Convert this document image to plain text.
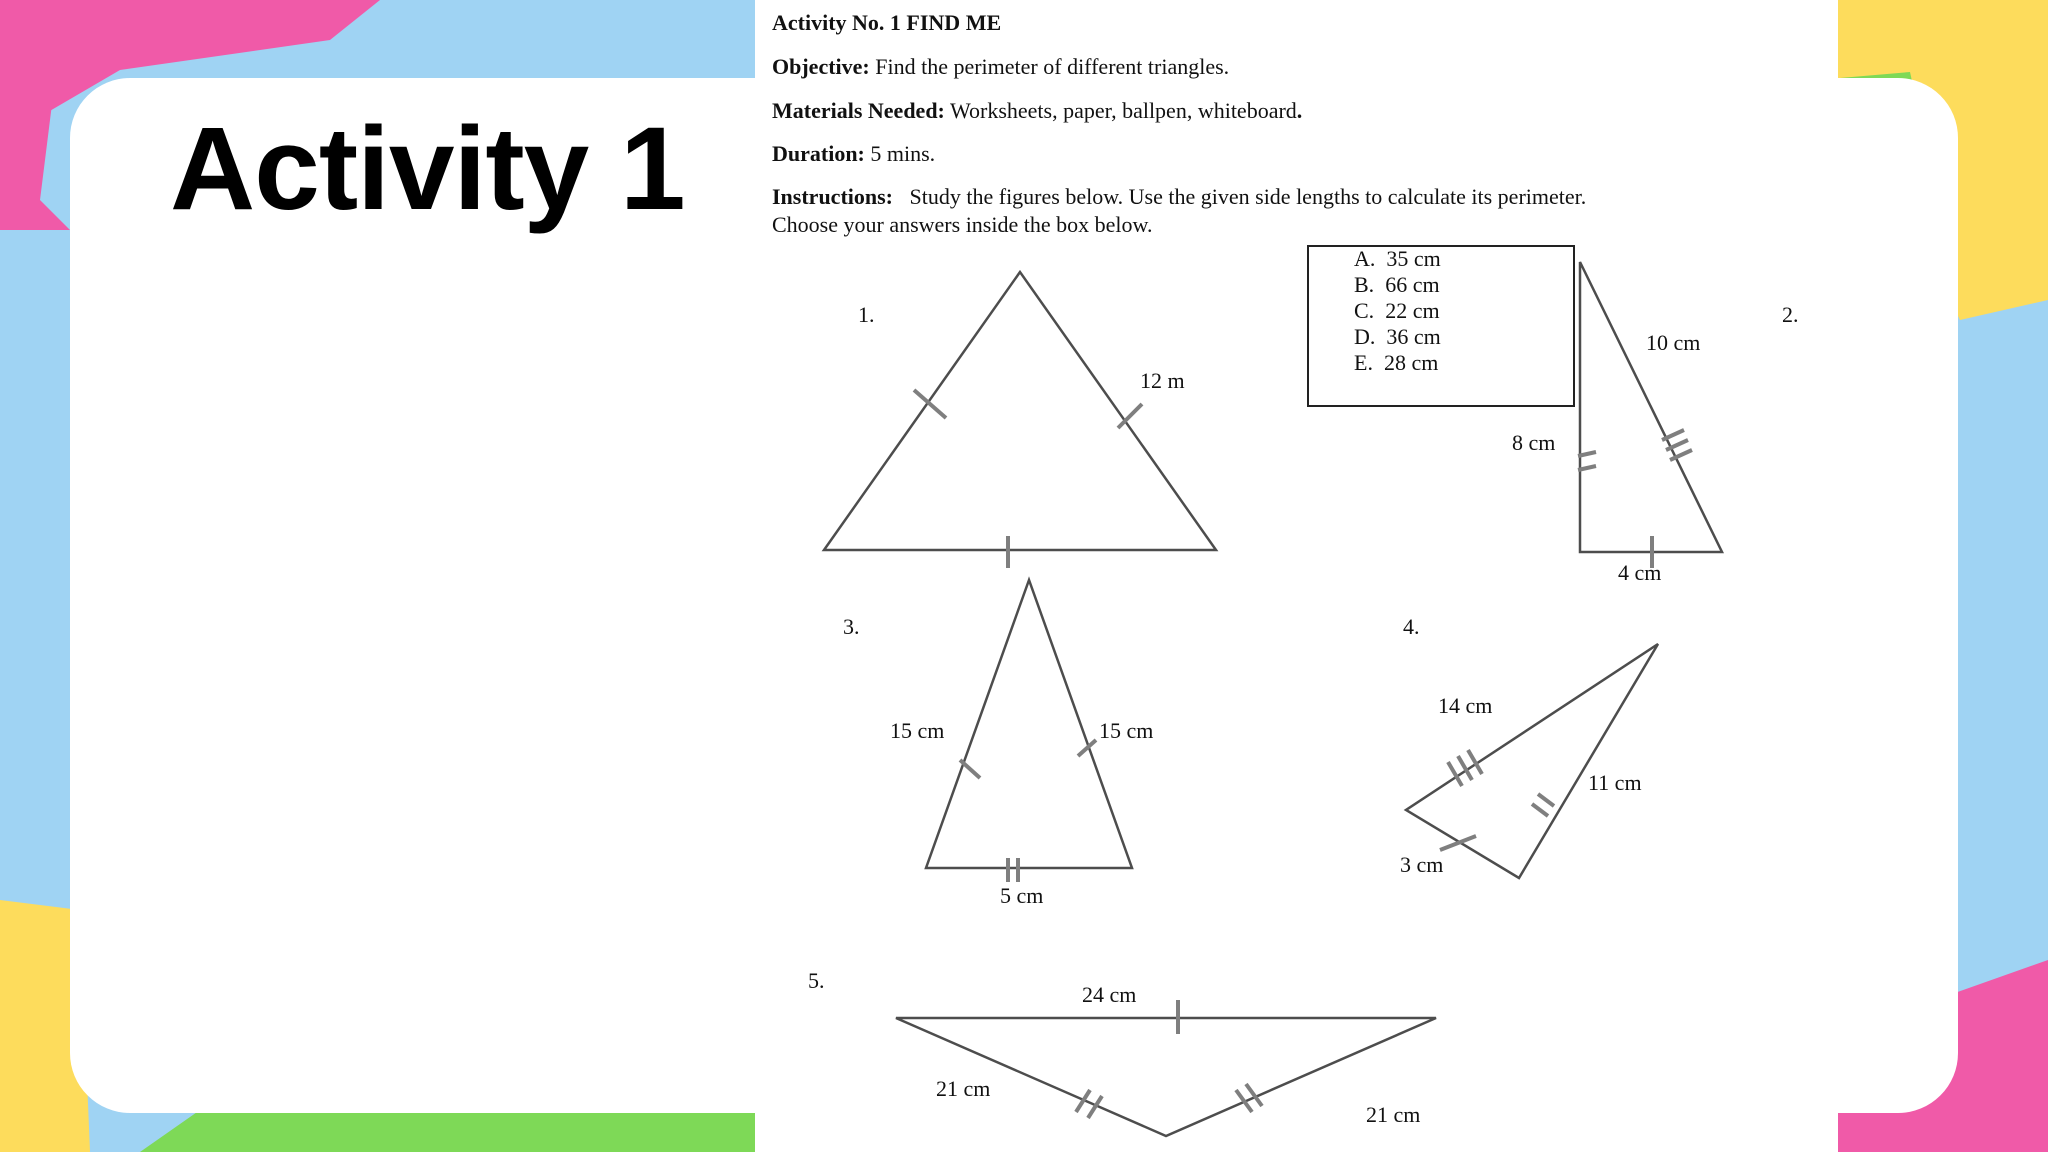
Activity 1
Activity No. 1 FIND ME
Objective: Find the perimeter of different triangles.
Materials Needed: Worksheets, paper, ballpen, whiteboard.
Duration: 5 mins.
Instructions: Study the figures below. Use the given side lengths to calculate its perimeter.
Choose your answers inside the box below.
A. 35 cm
B. 66 cm
C. 22 cm
D. 36 cm
E. 28 cm
1.
12 m
2.
10 cm
8 cm
4 cm
3.
15 cm	15 cm
5 cm
4.
14 cm
11 cm
3 cm
5.
24 cm
21 cm
21 cm
